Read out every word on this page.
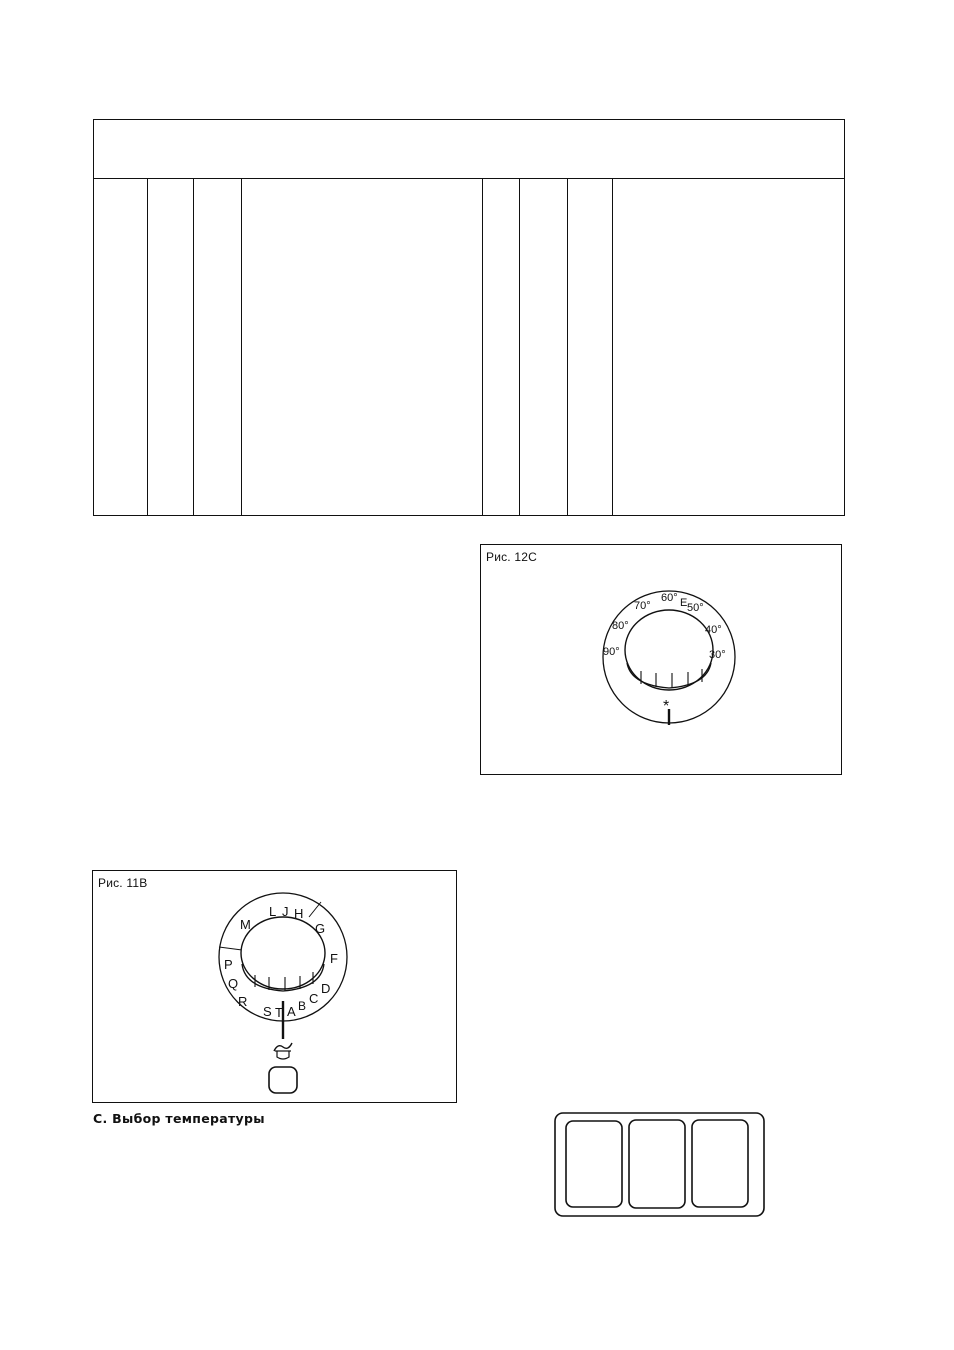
Рис. 12С
90°
80°
70°
60° E 50°
40°
30°
*
Рис. 11B
M
L J H
G
F
D
C
B
A
T
S
R
Q
P
С. Выбор температуры
